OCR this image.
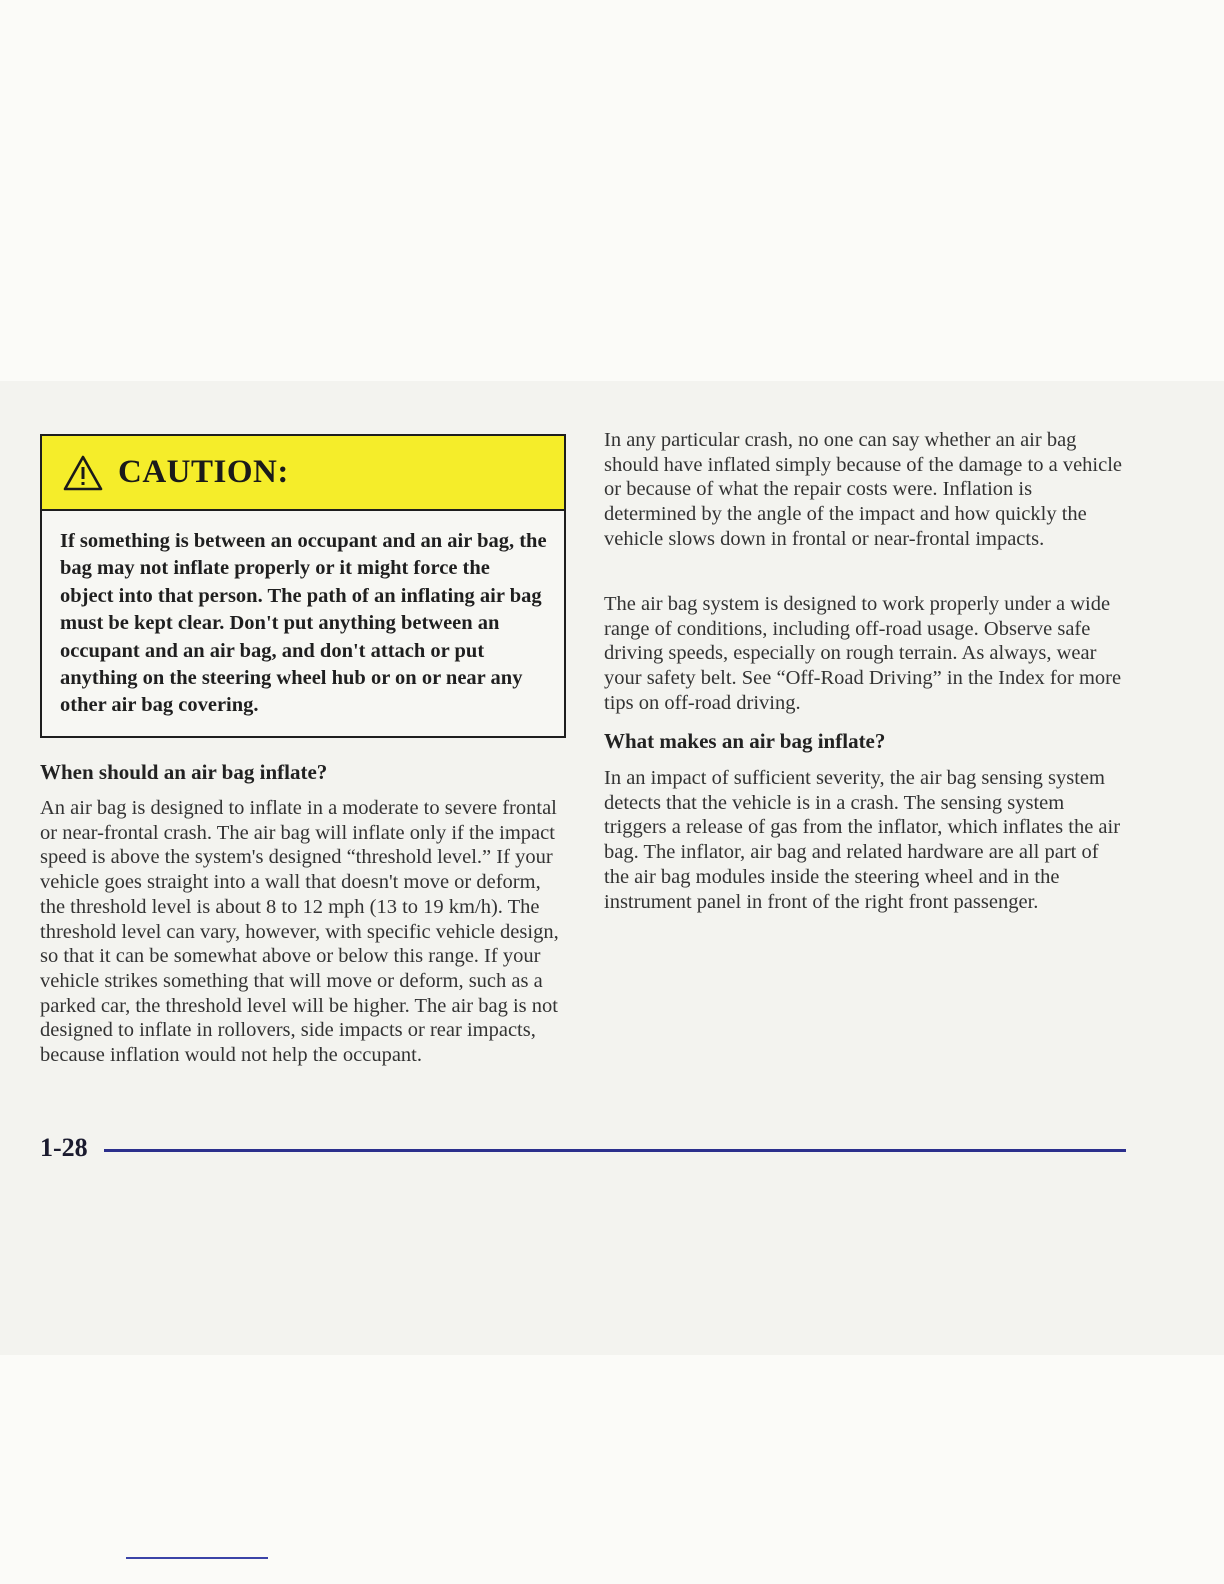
CAUTION:
If something is between an occupant and an air bag, the bag may not inflate properly or it might force the object into that person. The path of an inflating air bag must be kept clear. Don't put anything between an occupant and an air bag, and don't attach or put anything on the steering wheel hub or on or near any other air bag covering.
When should an air bag inflate?
An air bag is designed to inflate in a moderate to severe frontal or near-frontal crash. The air bag will inflate only if the impact speed is above the system's designed “threshold level.” If your vehicle goes straight into a wall that doesn't move or deform, the threshold level is about 8 to 12 mph (13 to 19 km/h). The threshold level can vary, however, with specific vehicle design, so that it can be somewhat above or below this range. If your vehicle strikes something that will move or deform, such as a parked car, the threshold level will be higher. The air bag is not designed to inflate in rollovers, side impacts or rear impacts, because inflation would not help the occupant.
In any particular crash, no one can say whether an air bag should have inflated simply because of the damage to a vehicle or because of what the repair costs were. Inflation is determined by the angle of the impact and how quickly the vehicle slows down in frontal or near-frontal impacts.
The air bag system is designed to work properly under a wide range of conditions, including off-road usage. Observe safe driving speeds, especially on rough terrain. As always, wear your safety belt. See “Off-Road Driving” in the Index for more tips on off-road driving.
What makes an air bag inflate?
In an impact of sufficient severity, the air bag sensing system detects that the vehicle is in a crash. The sensing system triggers a release of gas from the inflator, which inflates the air bag. The inflator, air bag and related hardware are all part of the air bag modules inside the steering wheel and in the instrument panel in front of the right front passenger.
1-28
